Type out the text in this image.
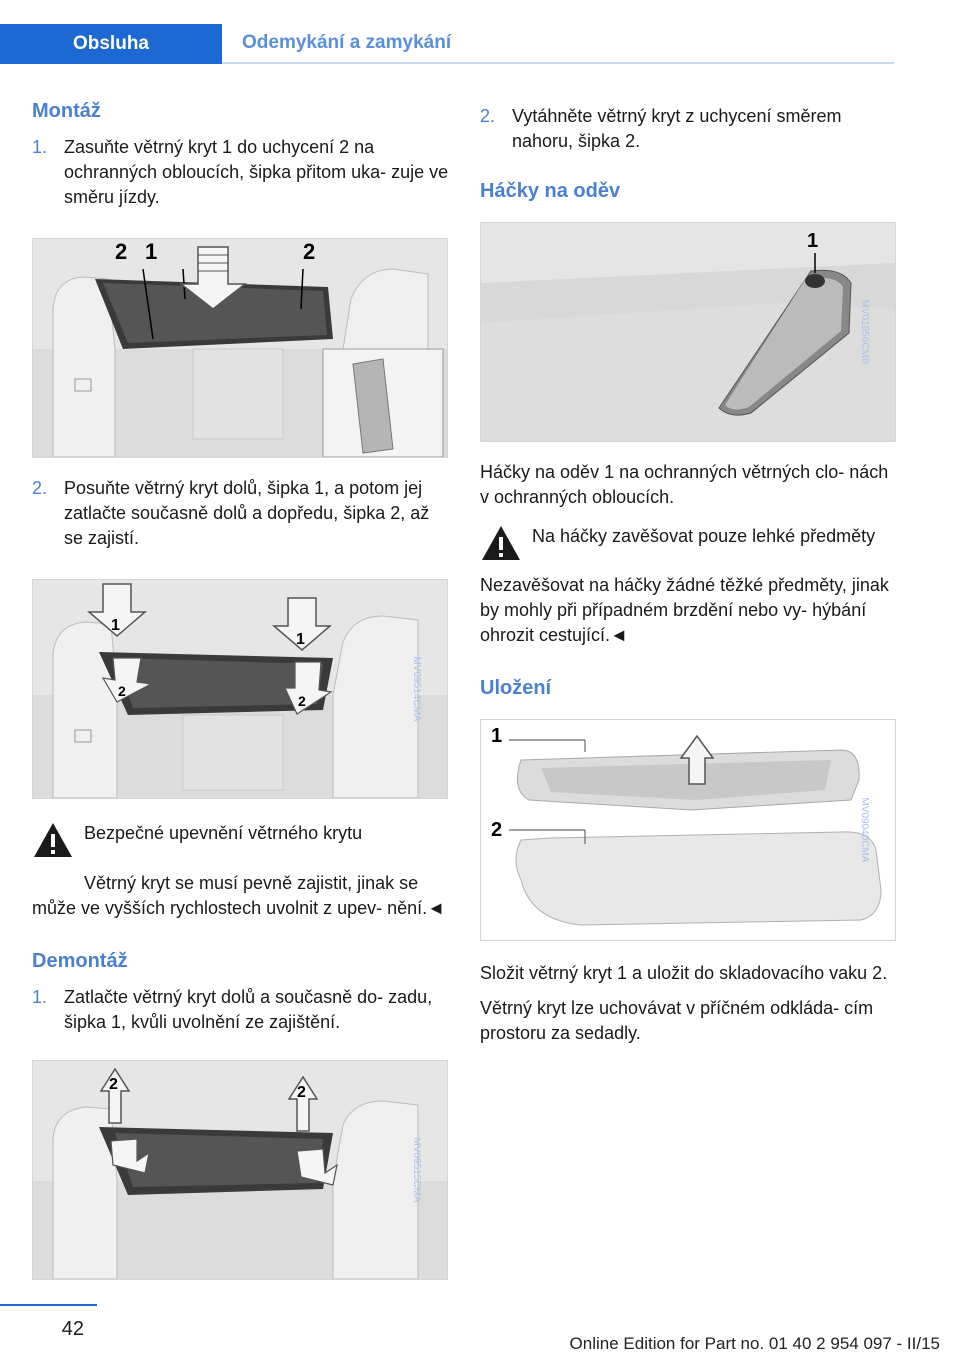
Obsluha	Odemykání a zamykání
Montáž
1. Zasuňte větrný kryt 1 do uchycení 2 na ochranných obloucích, šipka přitom uka‐ zuje ve směru jízdy.
2 1	2
2. Posuňte větrný kryt dolů, šipka 1, a potom jej zatlačte současně dolů a dopředu, šipka 2, až se zajistí.
1
1
2
2	MV09514CMA

Bezpečné upevnění větrného krytu

Větrný kryt se musí pevně zajistit, jinak se může ve vyšších rychlostech uvolnit z upev‐ nění.◄

Demontáž
1. Zatlačte větrný kryt dolů a současně do‐ zadu, šipka 1, kvůli uvolnění ze zajištění.
2	2
MV09515CMA
2. Vytáhněte větrný kryt z uchycení směrem nahoru, šipka 2.
Háčky na oděv
1
MV01856CMB

Háčky na oděv 1 na ochranných větrných clo‐ nách v ochranných obloucích.

Na háčky zavěšovat pouze lehké předměty

Nezavěšovat na háčky žádné těžké předměty, jinak by mohly při případném brzdění nebo vy‐ hýbání ohrozit cestující.◄

Uložení
1
2	MV09040CMA

Složit větrný kryt 1 a uložit do skladovacího vaku 2.

Větrný kryt lze uchovávat v příčném odkláda‐ cím prostoru za sedadly.

42
Online Edition for Part no. 01 40 2 954 097 - II/15
